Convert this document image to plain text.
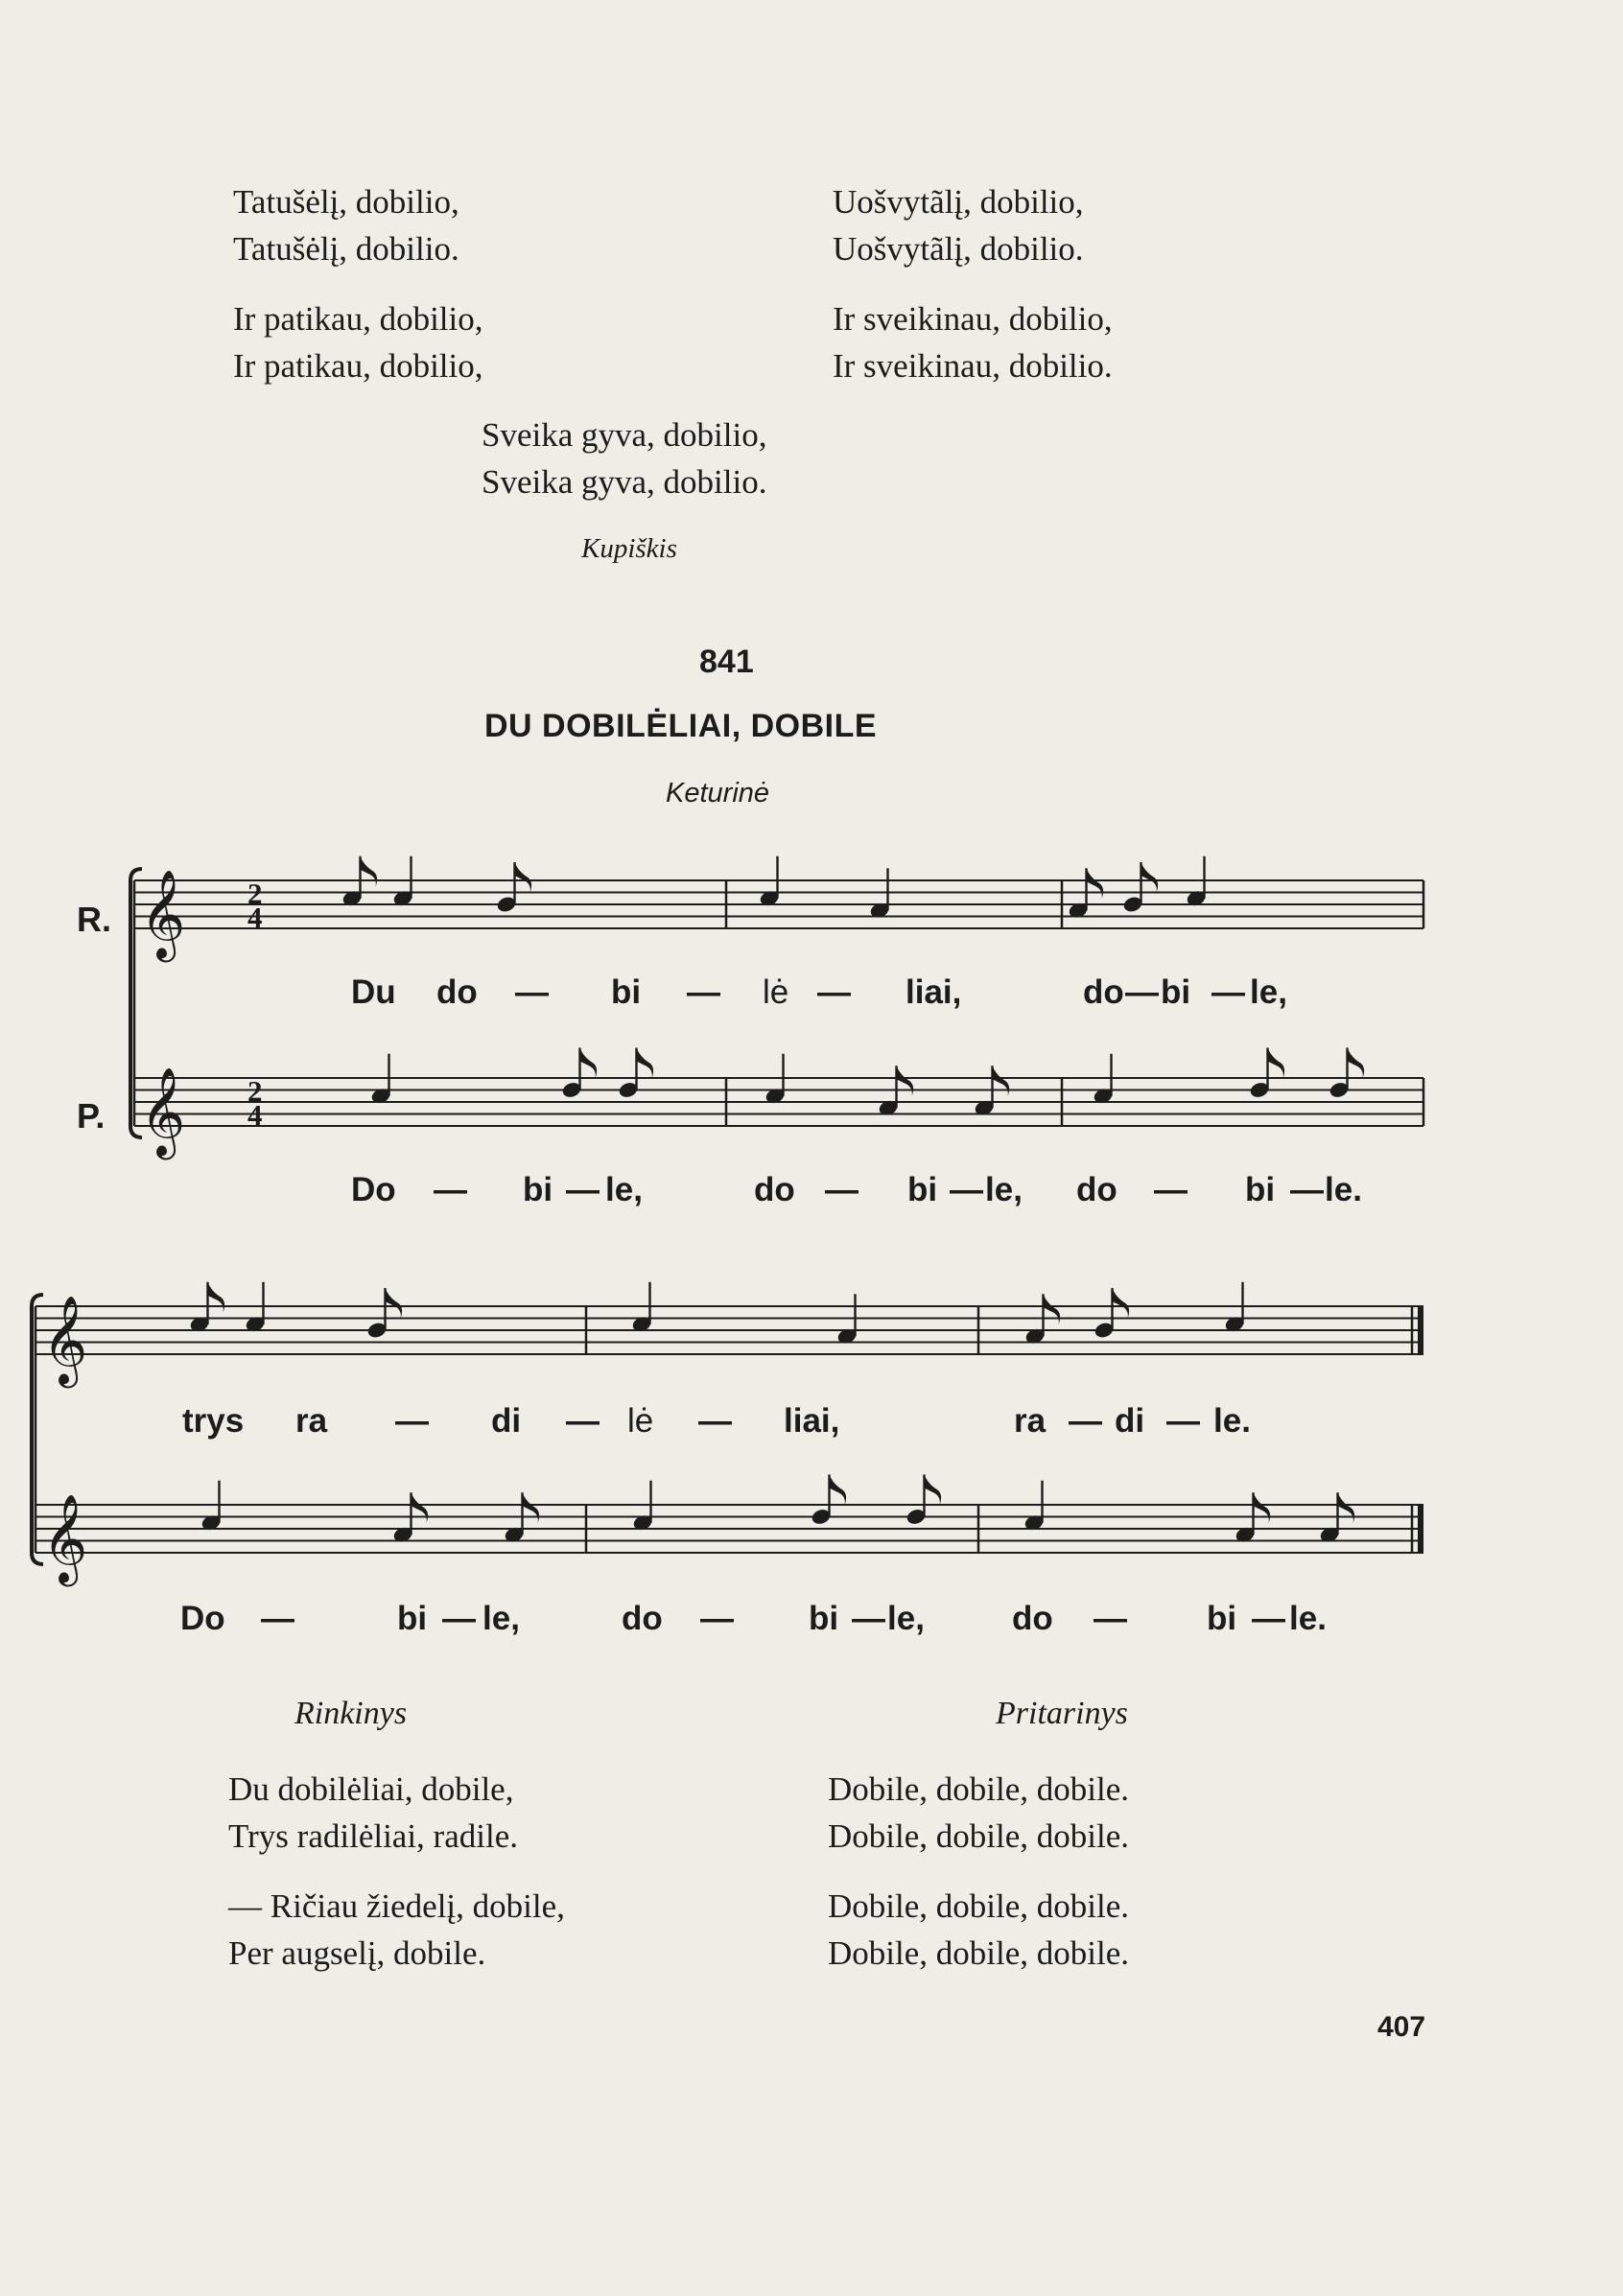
Tatušėlį, dobilio,
Tatušėlį, dobilio.
Ir patikau, dobilio,
Ir patikau, dobilio,
Uošvytãlį, dobilio,
Uošvytãlį, dobilio.
Ir sveikinau, dobilio,
Ir sveikinau, dobilio.
Sveika gyva, dobilio,
Sveika gyva, dobilio.
Kupiškis
841
DU DOBILĖLIAI, DOBILE
Keturinė
R.
P.
𝄞
𝄞
2
4
2
4
𝄞
𝄞
Du do — bi — lė — liai,	do — bi — le,
Do — bi — le,	do — bi — le, do — bi — le.
trys ra — di — lė — liai,	ra — di — le.
Do —	bi — le,	do — bi — le,	do — bi — le.
Rinkinys	Pritarinys
Du dobilėliai, dobile,
Trys radilėliai, radile.
— Ričiau žiedelį, dobile,
Per augselį, dobile.
Dobile, dobile, dobile.
Dobile, dobile, dobile.
Dobile, dobile, dobile.
Dobile, dobile, dobile.
407
